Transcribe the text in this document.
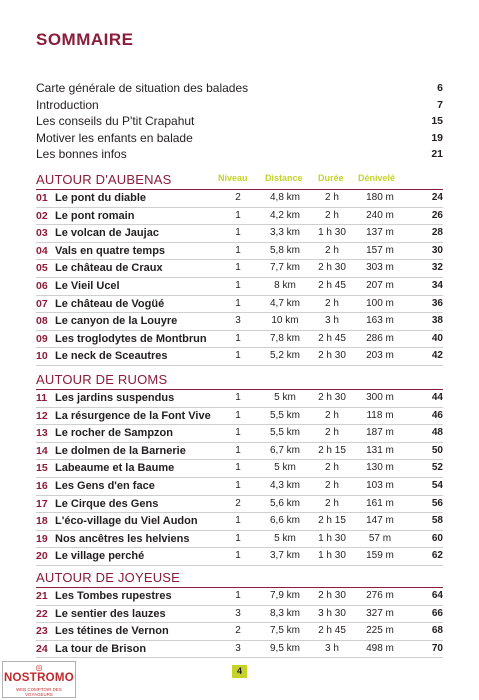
SOMMAIRE
Carte générale de situation des balades	6
Introduction	7
Les conseils du P'tit Crapahut	15
Motiver les enfants en balade	19
Les bonnes infos	21
AUTOUR D'AUBENAS	Niveau Distance Durée Dénivelé
01 Le pont du diable	2	4,8 km	2 h	180 m	24
02 Le pont romain	1	4,2 km	2 h	240 m	26
03 Le volcan de Jaujac	1	3,3 km	1 h 30	137 m	28
04 Vals en quatre temps	1	5,8 km	2 h	157 m	30
05 Le château de Craux	1	7,7 km	2 h 30	303 m	32
06 Le Vieil Ucel	1	8 km	2 h 45	207 m	34
07 Le château de Vogüé	1	4,7 km	2 h	100 m	36
08 Le canyon de la Louyre	3	10 km	3 h	163 m	38
09 Les troglodytes de Montbrun	1	7,8 km	2 h 45	286 m	40
10 Le neck de Sceautres	1	5,2 km	2 h 30	203 m	42
AUTOUR DE RUOMS
11 Les jardins suspendus	1	5 km	2 h 30	300 m	44
12 La résurgence de la Font Vive	1	5,5 km	2 h	118 m	46
13 Le rocher de Sampzon	1	5,5 km	2 h	187 m	48
14 Le dolmen de la Barnerie	1	6,7 km	2 h 15	131 m	50
15 Labeaume et la Baume	1	5 km	2 h	130 m	52
16 Les Gens d'en face	1	4,3 km	2 h	103 m	54
17 Le Cirque des Gens	2	5,6 km	2 h	161 m	56
18 L'éco-village du Viel Audon	1	6,6 km	2 h 15	147 m	58
19 Nos ancêtres les helviens	1	5 km	1 h 30	57 m	60
20 Le village perché	1	3,7 km	1 h 30	159 m	62
AUTOUR DE JOYEUSE
21 Les Tombes rupestres	1	7,9 km	2 h 30	276 m	64
22 Le sentier des lauzes	3	8,3 km	3 h 30	327 m	66
23 Les tétines de Vernon	2	7,5 km	2 h 45	225 m	68
24 La tour de Brison	3	9,5 km	3 h	498 m	70
4
◎
NOSTROMO
WEB COMPTOIR DES VOYAGEURS
